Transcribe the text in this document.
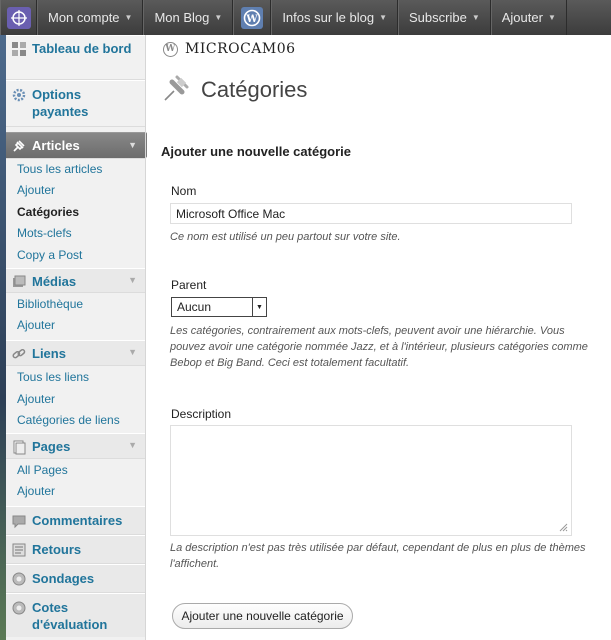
Mon compte ▼ Mon Blog ▼ W Infos sur le blog ▼ Subscribe ▼ Ajouter ▼
Tableau de bord
Options payantes
Articles	▼
Tous les articles
Ajouter
Catégories
Mots-clefs
Copy a Post
Médias	▼
Bibliothèque
Ajouter
Liens	▼
Tous les liens
Ajouter
Catégories de liens
Pages	▼
All Pages
Ajouter
Commentaires
Retours
Sondages
Cotes d'évaluation
W MICROCAM06
Catégories
Ajouter une nouvelle catégorie
Nom
Microsoft Office Mac
Ce nom est utilisé un peu partout sur votre site.
Parent
Aucun	▼
Les catégories, contrairement aux mots-clefs, peuvent avoir une hiérarchie. Vous pouvez avoir une catégorie nommée Jazz, et à l'intérieur, plusieurs catégories comme Bebop et Big Band. Ceci est totalement facultatif.
Description
La description n'est pas très utilisée par défaut, cependant de plus en plus de thèmes l'affichent.
Ajouter une nouvelle catégorie
